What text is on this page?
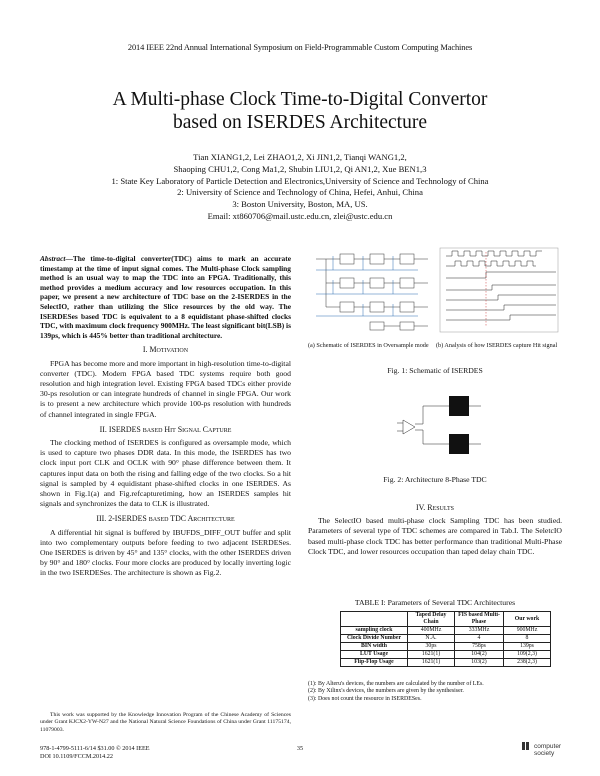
2014 IEEE 22nd Annual International Symposium on Field-Programmable Custom Computing Machines
A Multi-phase Clock Time-to-Digital Convertor
based on ISERDES Architecture
Tian XIANG1,2, Lei ZHAO1,2, Xi JIN1,2, Tianqi WANG1,2,
Shaoping CHU1,2, Cong Ma1,2, Shubin LIU1,2, Qi AN1,2, Xue BEN1,3
1: State Key Laboratory of Particle Detection and Electronics,University of Science and Technology of China
2: University of Science and Technology of China, Hefei, Anhui, China
3: Boston University, Boston, MA, US.
Email: xt860706@mail.ustc.edu.cn, zlei@ustc.edu.cn
Abstract—The time-to-digital converter(TDC) aims to mark an accurate timestamp at the time of input signal comes. The Multi-phase Clock sampling method is an usual way to map the TDC into an FPGA. Traditionally, this method provides a medium accuracy and low resources occupation. In this paper, we present a new architecture of TDC base on the 2-ISERDES in the SelectIO, rather than utilizing the Slice resources by the old way. The ISERDESes based TDC is equivalent to a 8 equidistant phase-shifted clocks TDC, with maximum clock frequency 900MHz. The least significant bit(LSB) is 139ps, which is 445% better than traditional architecture.
I. Motivation

FPGA has become more and more important in high-resolution time-to-digital converter (TDC). Modern FPGA based TDC systems require both good resolution and high integration level. Existing FPGA based TDCs either provide 30-ps resolution or can integrate hundreds of channel in single FPGA. Our work is to present a new architecture which provide 100-ps resolution with hundreds of channel integrated in single FPGA.

II. ISERDES based Hit Signal Capture

The clocking method of ISERDES is configured as oversample mode, which is used to capture two phases DDR data. In this mode, the ISERDES has two clock input port CLK and OCLK with 90° phase difference between them. It captures input data on both the rising and falling edge of the two clocks. So a hit signal is sampled by 4 equidistant phase-shifted clocks in one ISERDES. As shown in Fig.1(a) and Fig.refcapturetiming, how an ISERDES samples hit signals and synchronizes the data to CLK is illustrated.

III. 2-ISERDES based TDC Architecture

A differential hit signal is buffered by IBUFDS_DIFF_OUT buffer and split into two complementary outputs before feeding to two adjacent ISERDESes. One ISERDES is driven by 45° and 135° clocks, with the other ISERDES driven by 90° and 180° clocks. Four more clocks are produced by locally inverting logic in the two ISERDESes. The architecture is shown as Fig.2.

This work was supported by the Knowledge Innovation Program of the Chinese Academy of Sciences under Grant KJCX2-YW-N27 and the National Natural Science Foundations of China under Grant 11175174, 11079003.

(a) Schematic of ISERDES in Oversample mode	(b) Analysis of how ISERDES capture Hit signal
Fig. 1: Schematic of ISERDES
Fig. 2: Architecture 8-Phase TDC
IV. Results

The SelectIO based multi-phase clock Sampling TDC has been studied. Parameters of several type of TDC schemes are compared in Tab.I. The SeletcIO based multi-phase clock TDC has better performance than traditional Multi-Phase Clock TDC, and lower resources occupation than taped delay chain TDC.

TABLE I: Parameters of Several TDC Architectures
	Taped Delay Chain	FIS based Multi-Phase	Our work
sampling clock	400MHz	333MHz	900MHz
Clock Divide Number	N.A.	4	8
BIN width	30ps	758ps	139ps
LUT Usage	1621(1)	104(2)	109(2,3)
Flip-Flop Usage	1621(1)	103(2)	238(2,3)
(1): By Alteru's devices, the numbers are calculated by the number of LEs.
(2): By Xilinx's devices, the numbers are given by the synthesiser.
(3): Does not count the resource in ISERDESes.
978-1-4799-5111-6/14 $31.00 © 2014 IEEE
DOI 10.1109/FCCM.2014.22
35	computer
society
